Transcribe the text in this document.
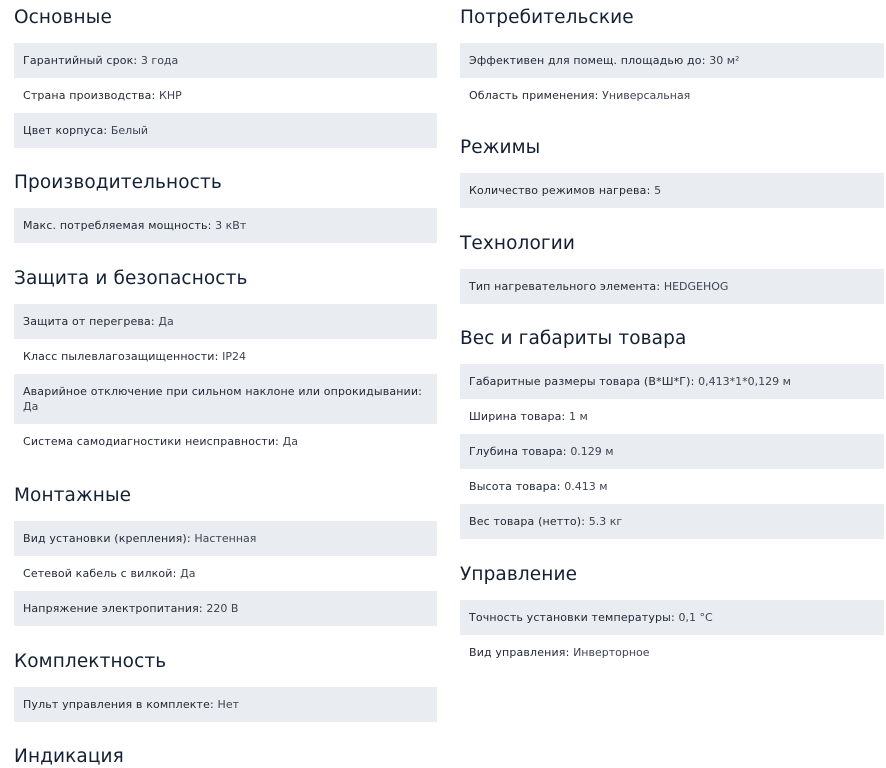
Основные
Гарантийный срок: 3 года
Страна производства: КНР
Цвет корпуса: Белый
Производительность
Макс. потребляемая мощность: 3 кВт
Защита и безопасность
Защита от перегрева: Да
Класс пылевлагозащищенности: IP24
Аварийное отключение при сильном наклоне или опрокидывании:
Да
Система самодиагностики неисправности: Да
Монтажные
Вид установки (крепления): Настенная
Сетевой кабель с вилкой: Да
Напряжение электропитания: 220 В
Комплектность
Пульт управления в комплекте: Нет
Индикация
Потребительские
Эффективен для помещ. площадью до: 30 м²
Область применения: Универсальная
Режимы
Количество режимов нагрева: 5
Технологии
Тип нагревательного элемента: HEDGEHOG
Вес и габариты товара
Габаритные размеры товара (В*Ш*Г): 0,413*1*0,129 м
Ширина товара: 1 м
Глубина товара: 0.129 м
Высота товара: 0.413 м
Вес товара (нетто): 5.3 кг
Управление
Точность установки температуры: 0,1 °C
Вид управления: Инверторное
